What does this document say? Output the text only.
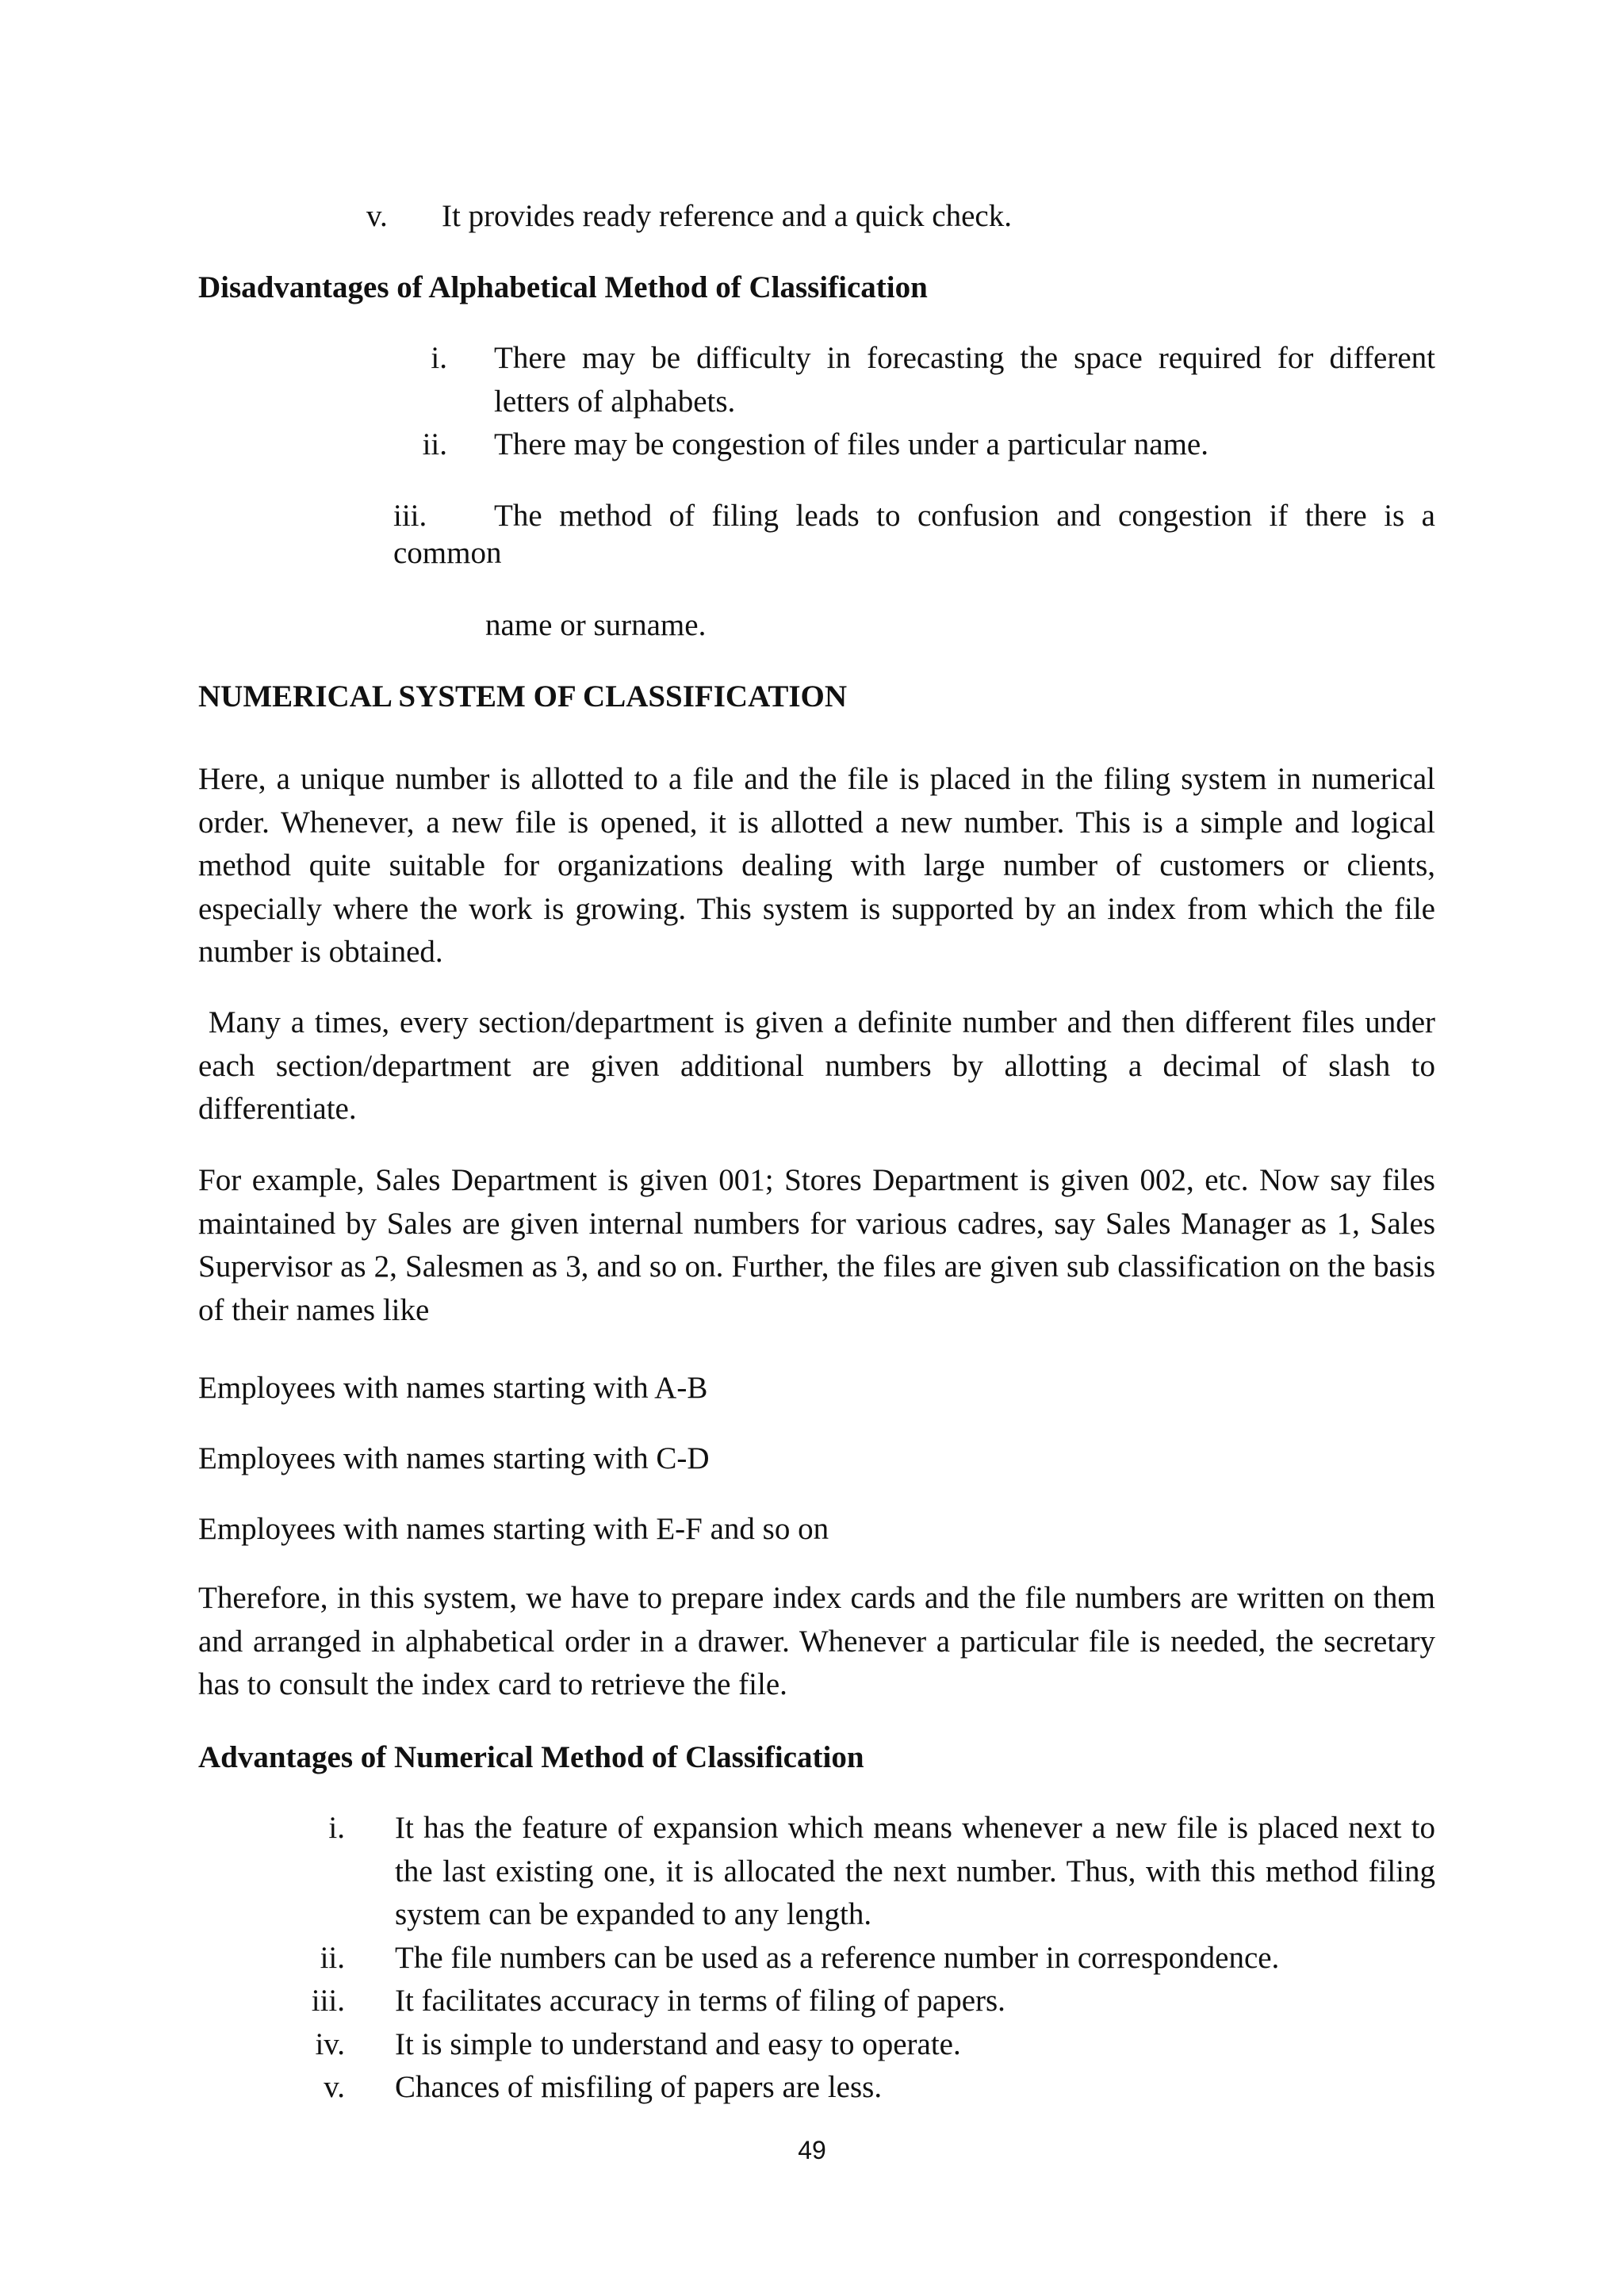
v. It provides ready reference and a quick check.
Disadvantages of Alphabetical Method of Classification
i. There may be difficulty in forecasting the space required for different letters of alphabets.
ii. There may be congestion of files under a particular name.
iii. The method of filing leads to confusion and congestion if there is a
common
name or surname.
NUMERICAL SYSTEM OF CLASSIFICATION

Here, a unique number is allotted to a file and the file is placed in the filing system in numerical order. Whenever, a new file is opened, it is allotted a new number. This is a simple and logical method quite suitable for organizations dealing with large number of customers or clients, especially where the work is growing. This system is supported by an index from which the file number is obtained.

Many a times, every section/department is given a definite number and then different files under each section/department are given additional numbers by allotting a decimal of slash to differentiate.

For example, Sales Department is given 001; Stores Department is given 002, etc. Now say files maintained by Sales are given internal numbers for various cadres, say Sales Manager as 1, Sales Supervisor as 2, Salesmen as 3, and so on. Further, the files are given sub classification on the basis of their names like

Employees with names starting with A-B

Employees with names starting with C-D

Employees with names starting with E-F and so on

Therefore, in this system, we have to prepare index cards and the file numbers are written on them and arranged in alphabetical order in a drawer. Whenever a particular file is needed, the secretary has to consult the index card to retrieve the file.

Advantages of Numerical Method of Classification
i. It has the feature of expansion which means whenever a new file is placed next to the last existing one, it is allocated the next number. Thus, with this method filing system can be expanded to any length.
ii. The file numbers can be used as a reference number in correspondence.
iii. It facilitates accuracy in terms of filing of papers.
iv. It is simple to understand and easy to operate.
v. Chances of misfiling of papers are less.
49
